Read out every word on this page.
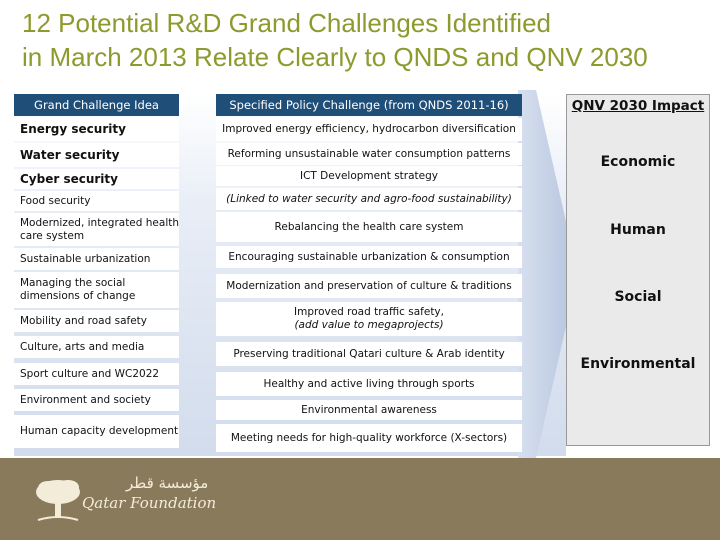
12 Potential R&D Grand Challenges Identified
in March 2013 Relate Clearly to QNDS and QNV 2030
Grand Challenge Idea	Specified Policy Challenge (from QNDS 2011-16)
Energy security
Water security
Cyber security
Food security
Modernized, integrated health care system
Sustainable urbanization
Managing the social dimensions of change
Mobility and road safety
Culture, arts and media
Sport culture and WC2022
Environment and society
Human capacity development
Improved energy efficiency, hydrocarbon diversification
Reforming unsustainable water consumption patterns
ICT Development strategy
(Linked to water security and agro-food sustainability)
Rebalancing the health care system
Encouraging sustainable urbanization & consumption
Modernization and preservation of culture & traditions
Improved road traffic safety,
(add value to megaprojects)
Preserving traditional Qatari culture & Arab identity
Healthy and active living through sports
Environmental awareness
Meeting needs for high-quality workforce (X-sectors)
QNV 2030 Impact
Economic
Human
Social
Environmental
مؤسسة قطر
Qatar Foundation
